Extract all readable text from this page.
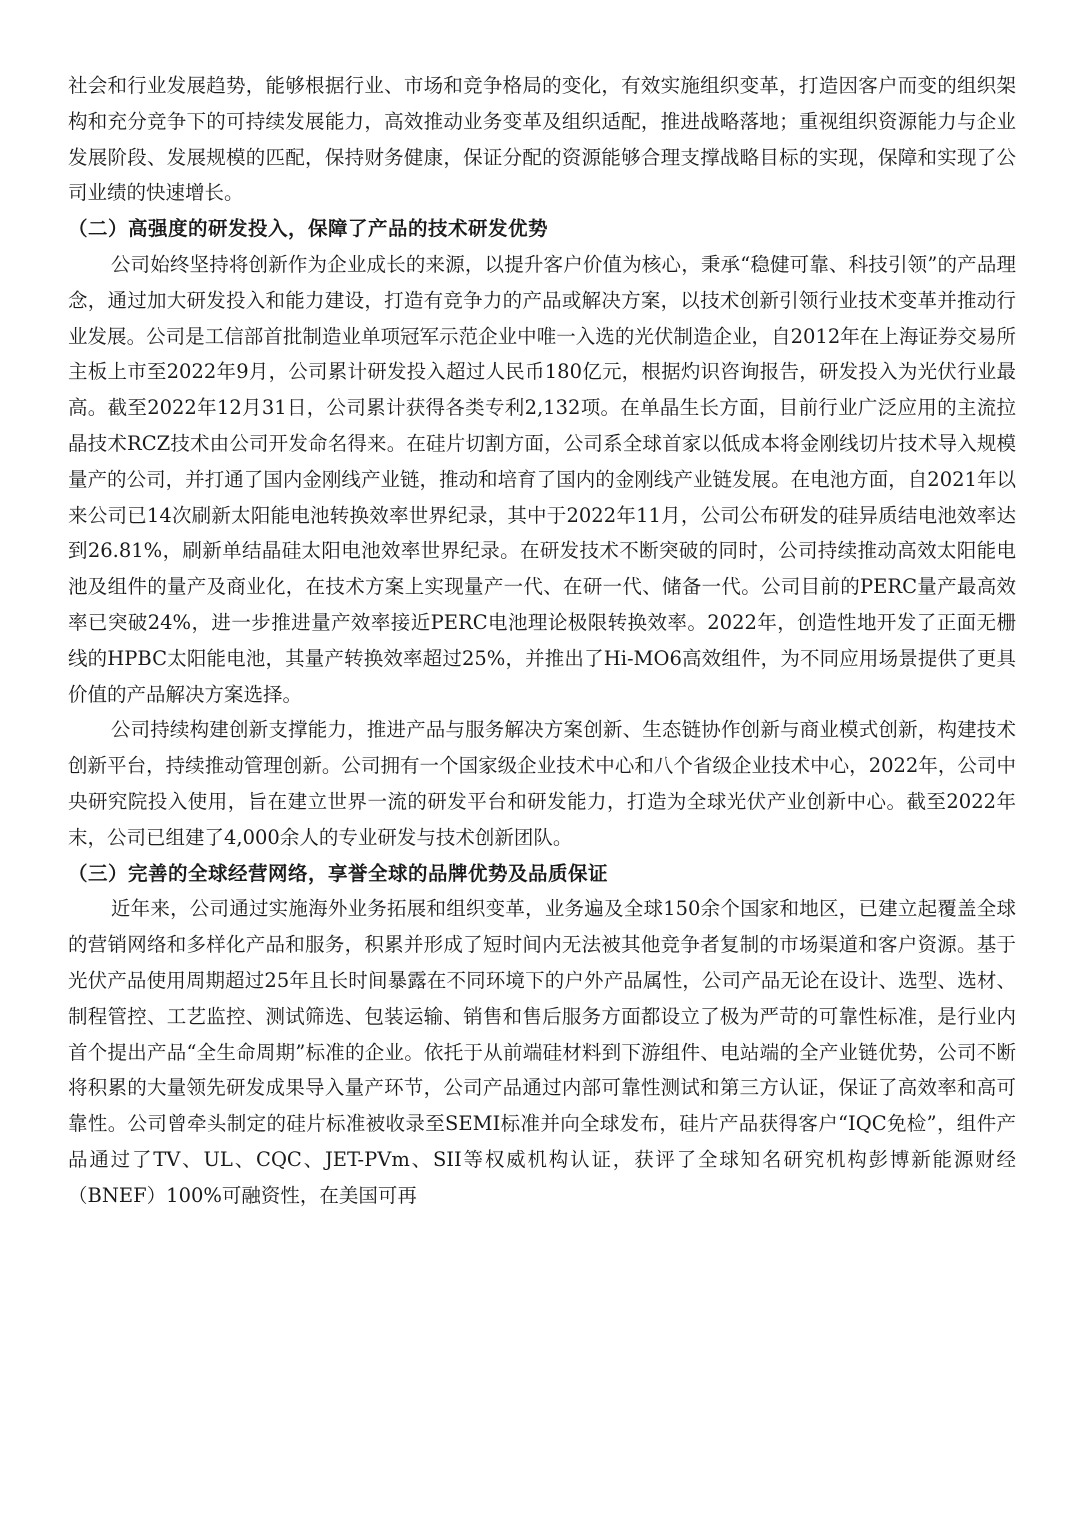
社会和行业发展趋势，能够根据行业、市场和竞争格局的变化，有效实施组织变革，打造因客户而变的组织架构和充分竞争下的可持续发展能力，高效推动业务变革及组织适配，推进战略落地；重视组织资源能力与企业发展阶段、发展规模的匹配，保持财务健康，保证分配的资源能够合理支撑战略目标的实现，保障和实现了公司业绩的快速增长。

（二）高强度的研发投入，保障了产品的技术研发优势

公司始终坚持将创新作为企业成长的来源，以提升客户价值为核心，秉承“稳健可靠、科技引领”的产品理念，通过加大研发投入和能力建设，打造有竞争力的产品或解决方案，以技术创新引领行业技术变革并推动行业发展。公司是工信部首批制造业单项冠军示范企业中唯一入选的光伏制造企业，自2012年在上海证券交易所主板上市至2022年9月，公司累计研发投入超过人民币180亿元，根据灼识咨询报告，研发投入为光伏行业最高。截至2022年12月31日，公司累计获得各类专利2,132项。在单晶生长方面，目前行业广泛应用的主流拉晶技术RCZ技术由公司开发命名得来。在硅片切割方面，公司系全球首家以低成本将金刚线切片技术导入规模量产的公司，并打通了国内金刚线产业链，推动和培育了国内的金刚线产业链发展。在电池方面，自2021年以来公司已14次刷新太阳能电池转换效率世界纪录，其中于2022年11月，公司公布研发的硅异质结电池效率达到26.81%，刷新单结晶硅太阳电池效率世界纪录。在研发技术不断突破的同时，公司持续推动高效太阳能电池及组件的量产及商业化，在技术方案上实现量产一代、在研一代、储备一代。公司目前的PERC量产最高效率已突破24%，进一步推进量产效率接近PERC电池理论极限转换效率。2022年，创造性地开发了正面无栅线的HPBC太阳能电池，其量产转换效率超过25%，并推出了Hi-MO6高效组件，为不同应用场景提供了更具价值的产品解决方案选择。

公司持续构建创新支撑能力，推进产品与服务解决方案创新、生态链协作创新与商业模式创新，构建技术创新平台，持续推动管理创新。公司拥有一个国家级企业技术中心和八个省级企业技术中心，2022年，公司中央研究院投入使用，旨在建立世界一流的研发平台和研发能力，打造为全球光伏产业创新中心。截至2022年末，公司已组建了4,000余人的专业研发与技术创新团队。

（三）完善的全球经营网络，享誉全球的品牌优势及品质保证

近年来，公司通过实施海外业务拓展和组织变革，业务遍及全球150余个国家和地区，已建立起覆盖全球的营销网络和多样化产品和服务，积累并形成了短时间内无法被其他竞争者复制的市场渠道和客户资源。基于光伏产品使用周期超过25年且长时间暴露在不同环境下的户外产品属性，公司产品无论在设计、选型、选材、制程管控、工艺监控、测试筛选、包装运输、销售和售后服务方面都设立了极为严苛的可靠性标准，是行业内首个提出产品“全生命周期”标准的企业。依托于从前端硅材料到下游组件、电站端的全产业链优势，公司不断将积累的大量领先研发成果导入量产环节，公司产品通过内部可靠性测试和第三方认证，保证了高效率和高可靠性。公司曾牵头制定的硅片标准被收录至SEMI标准并向全球发布，硅片产品获得客户“IQC免检”，组件产品通过了TV、UL、CQC、JET-PVm、SII等权威机构认证，获评了全球知名研究机构彭博新能源财经（BNEF）100%可融资性，在美国可再
